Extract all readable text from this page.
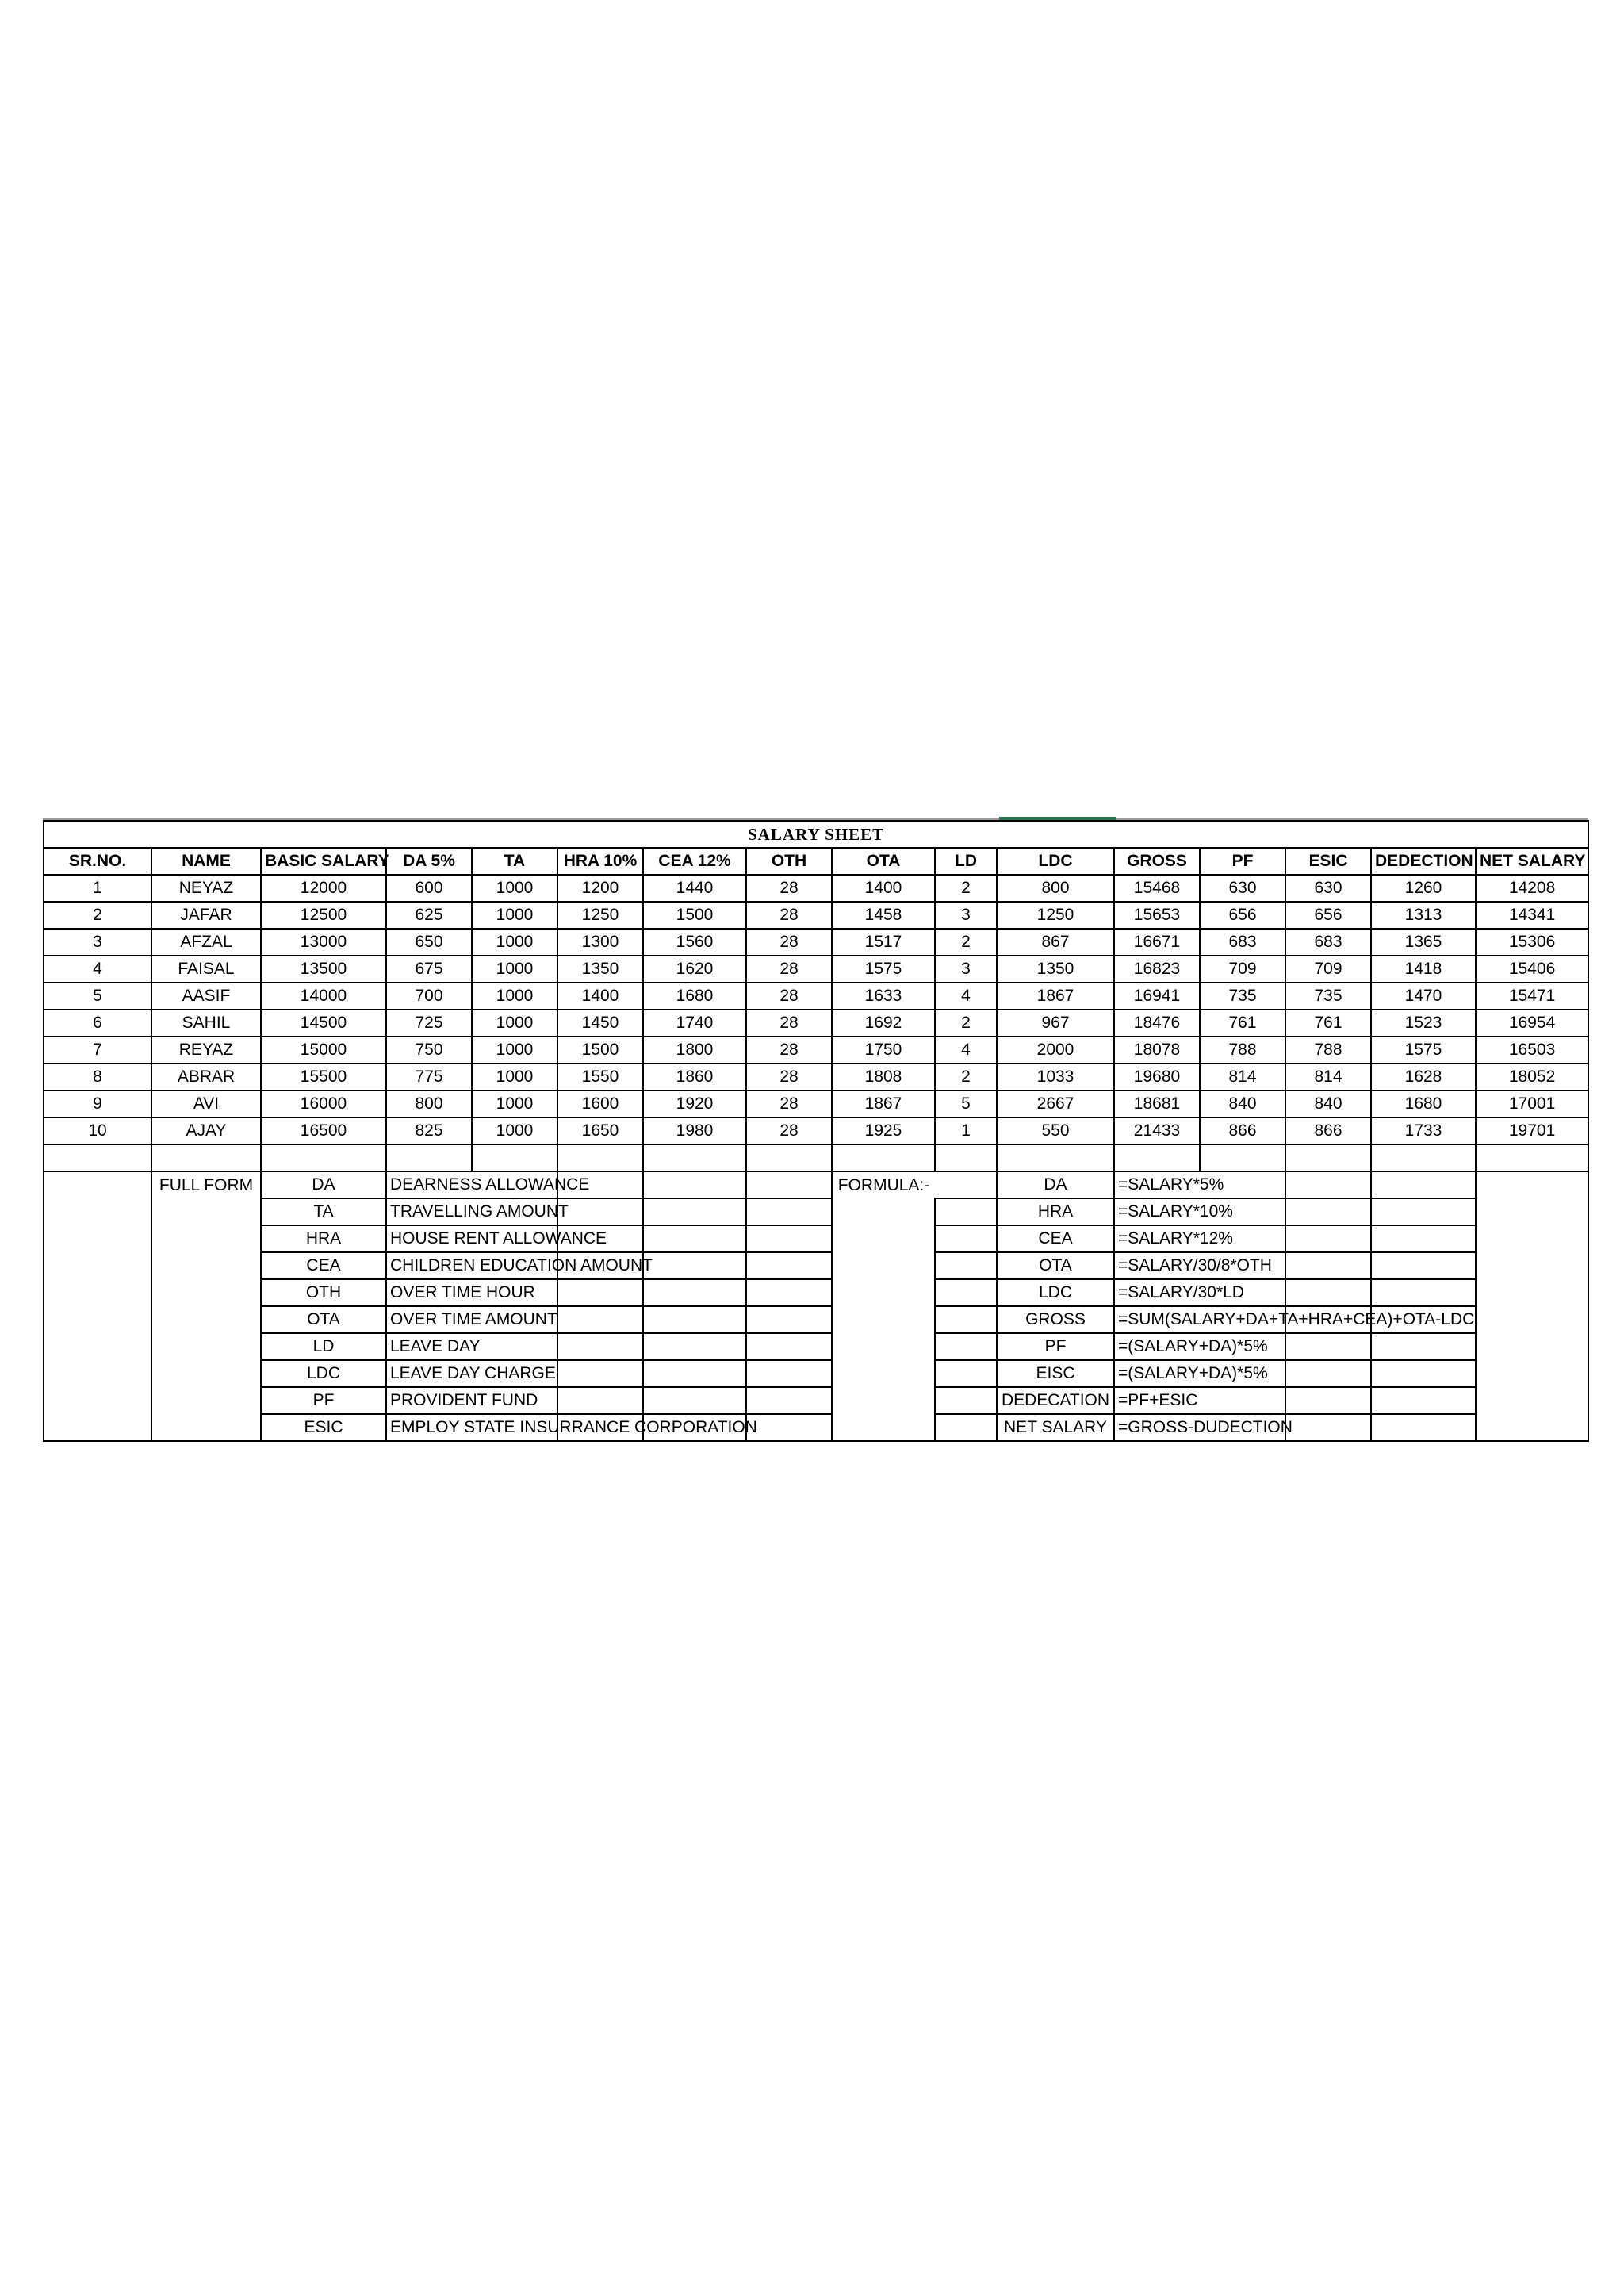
SALARY SHEET															
SR.NO.	NAME	BASIC SALARY	DA 5%	TA	HRA 10%	CEA 12%	OTH	OTA	LD	LDC	GROSS	PF	ESIC	DEDECTION	NET SALARY
1	NEYAZ	12000	600	1000	1200	1440	28	1400	2	800	15468	630	630	1260	14208
2	JAFAR	12500	625	1000	1250	1500	28	1458	3	1250	15653	656	656	1313	14341
3	AFZAL	13000	650	1000	1300	1560	28	1517	2	867	16671	683	683	1365	15306
4	FAISAL	13500	675	1000	1350	1620	28	1575	3	1350	16823	709	709	1418	15406
5	AASIF	14000	700	1000	1400	1680	28	1633	4	1867	16941	735	735	1470	15471
6	SAHIL	14500	725	1000	1450	1740	28	1692	2	967	18476	761	761	1523	16954
7	REYAZ	15000	750	1000	1500	1800	28	1750	4	2000	18078	788	788	1575	16503
8	ABRAR	15500	775	1000	1550	1860	28	1808	2	1033	19680	814	814	1628	18052
9	AVI	16000	800	1000	1600	1920	28	1867	5	2667	18681	840	840	1680	17001
10	AJAY	16500	825	1000	1650	1980	28	1925	1	550	21433	866	866	1733	19701

	FULL FORM	DA	DEARNESS ALLOWANCE					FORMULA:-		DA	=SALARY*5%				
		TA	TRAVELLING AMOUNT							HRA	=SALARY*10%				
		HRA	HOUSE RENT ALLOWANCE							CEA	=SALARY*12%				
		CEA	CHILDREN EDUCATION AMOUNT							OTA	=SALARY/30/8*OTH				
		OTH	OVER TIME HOUR							LDC	=SALARY/30*LD				
		OTA	OVER TIME AMOUNT							GROSS	=SUM(SALARY+DA+TA+HRA+CEA)+OTA-LDC				
		LD	LEAVE DAY							PF	=(SALARY+DA)*5%				
		LDC	LEAVE DAY CHARGE							EISC	=(SALARY+DA)*5%				
		PF	PROVIDENT FUND							DEDECATION	=PF+ESIC				
		ESIC	EMPLOY STATE INSURRANCE CORPORATION							NET SALARY	=GROSS-DUDECTION				
